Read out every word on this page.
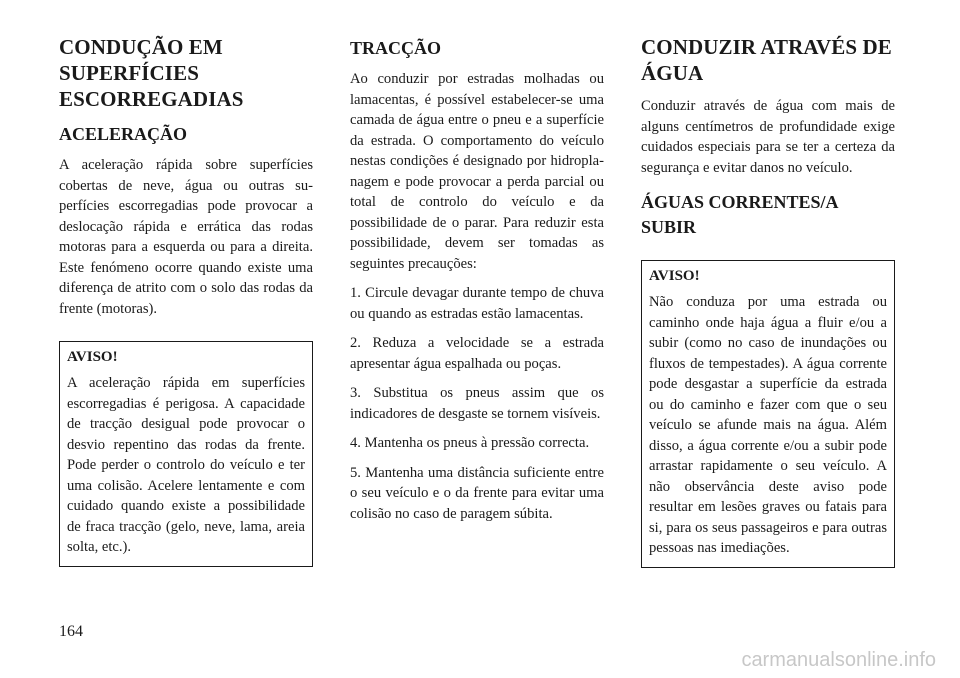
CONDUÇÃO EM SUPERFÍCIES ESCORREGADIAS
ACELERAÇÃO

A aceleração rápida sobre superfícies cobertas de neve, água ou outras superfícies escorregadias pode provocar a deslocação rápida e errática das rodas motoras para a esquerda ou para a direita. Este fenómeno ocorre quando existe uma diferença de atrito com o solo das rodas da frente (motoras).

AVISO!

A aceleração rápida em superfícies escorregadias é perigosa. A capacidade de tracção desigual pode provocar o desvio repentino das rodas da frente. Pode perder o controlo do veículo e ter uma colisão. Acelere lentamente e com cuidado quando existe a possibilidade de fraca tracção (gelo, neve, lama, areia solta, etc.).

TRACÇÃO

Ao conduzir por estradas molhadas ou lamacentas, é possível estabelecer-se uma camada de água entre o pneu e a superfície da estrada. O comportamento do veículo nestas condições é designado por hidroplanagem e pode provocar a perda parcial ou total de controlo do veículo e da possibilidade de o parar. Para reduzir esta possibilidade, devem ser tomadas as seguintes precauções:

1. Circule devagar durante tempo de chuva ou quando as estradas estão lamacentas.
2. Reduza a velocidade se a estrada apresentar água espalhada ou poças.
3. Substitua os pneus assim que os indicadores de desgaste se tornem visíveis.
4. Mantenha os pneus à pressão correcta.
5. Mantenha uma distância suficiente entre o seu veículo e o da frente para evitar uma colisão no caso de paragem súbita.
CONDUZIR ATRAVÉS DE ÁGUA

Conduzir através de água com mais de alguns centímetros de profundidade exige cuidados especiais para se ter a certeza da segurança e evitar danos no veículo.

ÁGUAS CORRENTES/A SUBIR

AVISO!

Não conduza por uma estrada ou caminho onde haja água a fluir e/ou a subir (como no caso de inundações ou fluxos de tempestades). A água corrente pode desgastar a superfície da estrada ou do caminho e fazer com que o seu veículo se afunde mais na água. Além disso, a água corrente e/ou a subir pode arrastar rapidamente o seu veículo. A não observância deste aviso pode resultar em lesões graves ou fatais para si, para os seus passageiros e para outras pessoas nas imediações.

164
carmanualsonline.info
